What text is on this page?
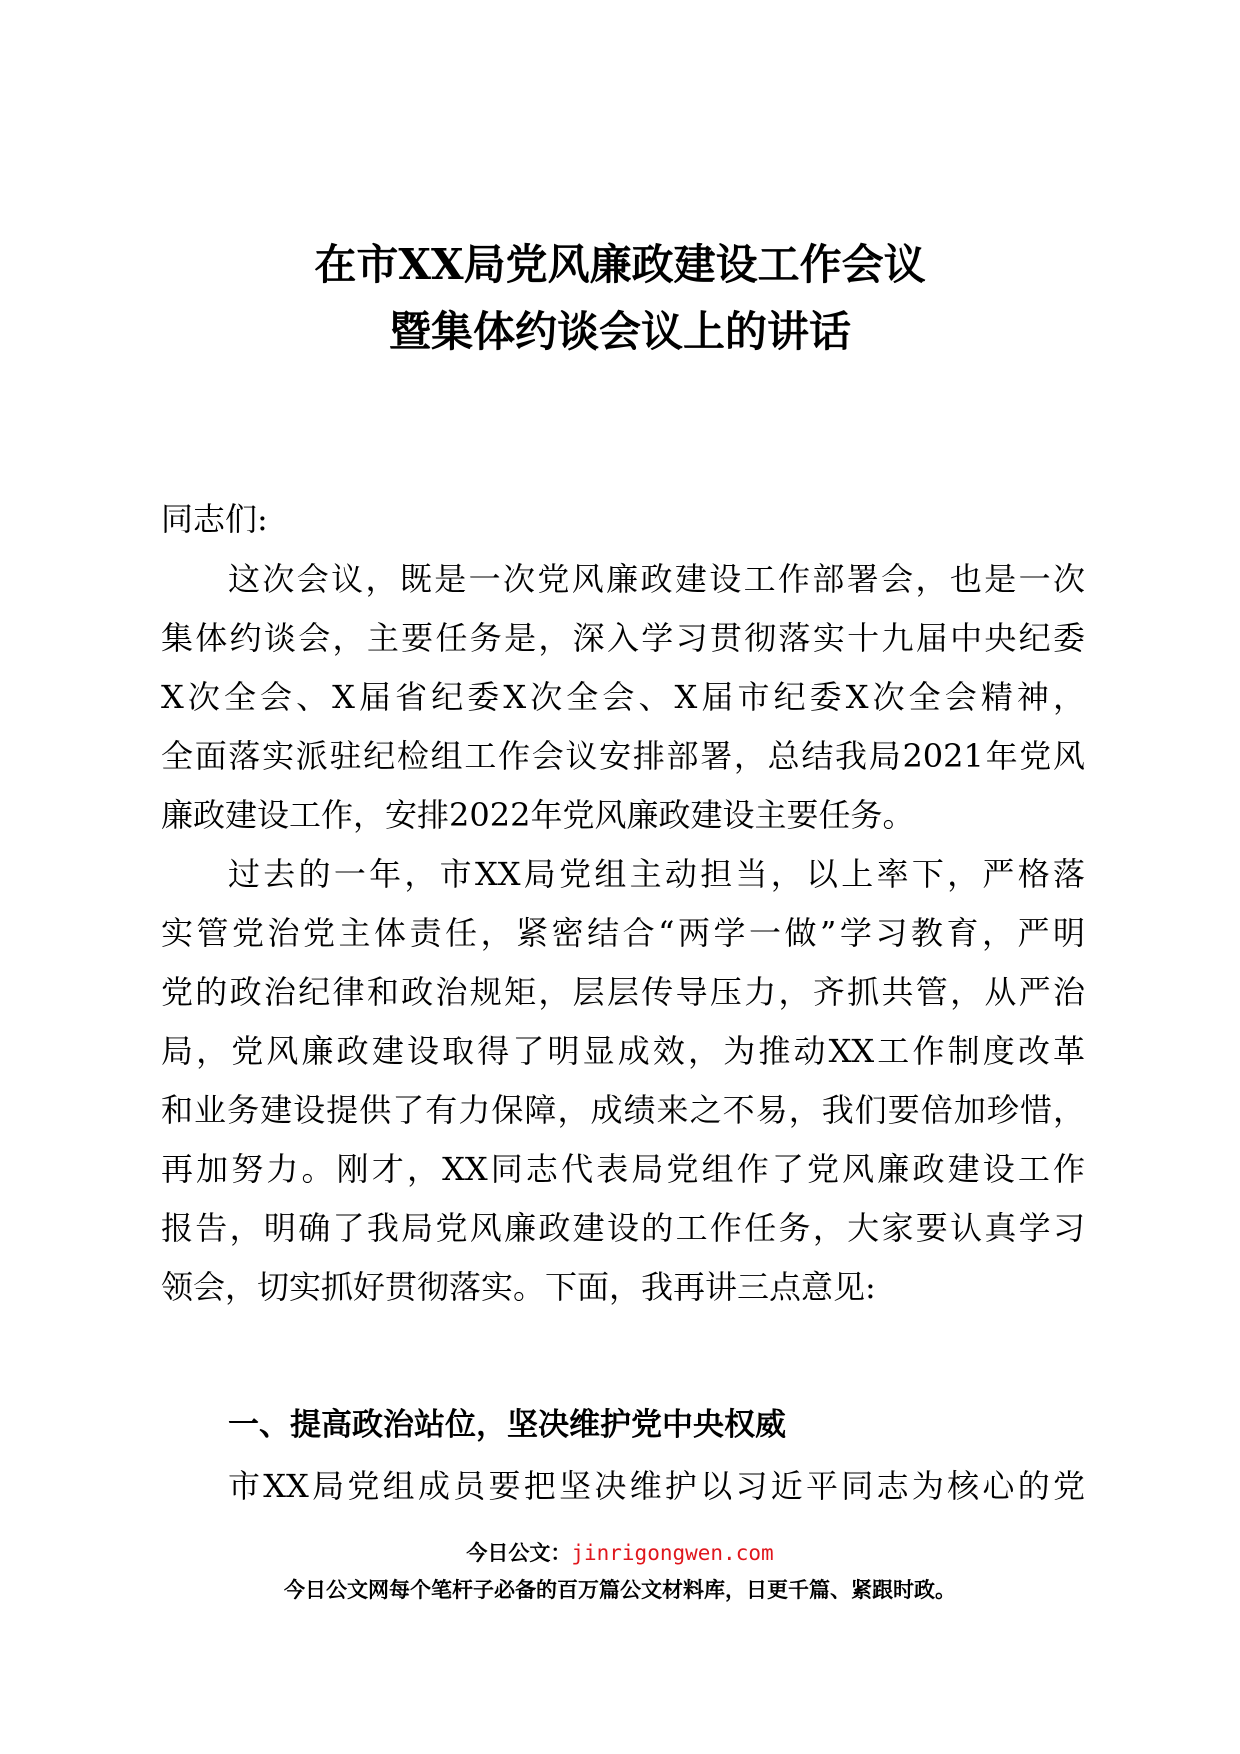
在市XX局党风廉政建设工作会议
暨集体约谈会议上的讲话
同志们:
这次会议，既是一次党风廉政建设工作部署会，也是一次
集体约谈会，主要任务是，深入学习贯彻落实十九届中央纪委
X次全会、X届省纪委X次全会、X届市纪委X次全会精神，
全面落实派驻纪检组工作会议安排部署，总结我局2021年党风
廉政建设工作，安排2022年党风廉政建设主要任务。
过去的一年，市XX局党组主动担当，以上率下，严格落
实管党治党主体责任，紧密结合“两学一做”学习教育，严明
党的政治纪律和政治规矩，层层传导压力，齐抓共管，从严治
局，党风廉政建设取得了明显成效，为推动XX工作制度改革
和业务建设提供了有力保障，成绩来之不易，我们要倍加珍惜，
再加努力。刚才，XX同志代表局党组作了党风廉政建设工作
报告，明确了我局党风廉政建设的工作任务，大家要认真学习
领会，切实抓好贯彻落实。下面，我再讲三点意见:
一、提高政治站位，坚决维护党中央权威
市XX局党组成员要把坚决维护以习近平同志为核心的党
今日公文：jinrigongwen.com
今日公文网每个笔杆子必备的百万篇公文材料库，日更千篇、紧跟时政。
